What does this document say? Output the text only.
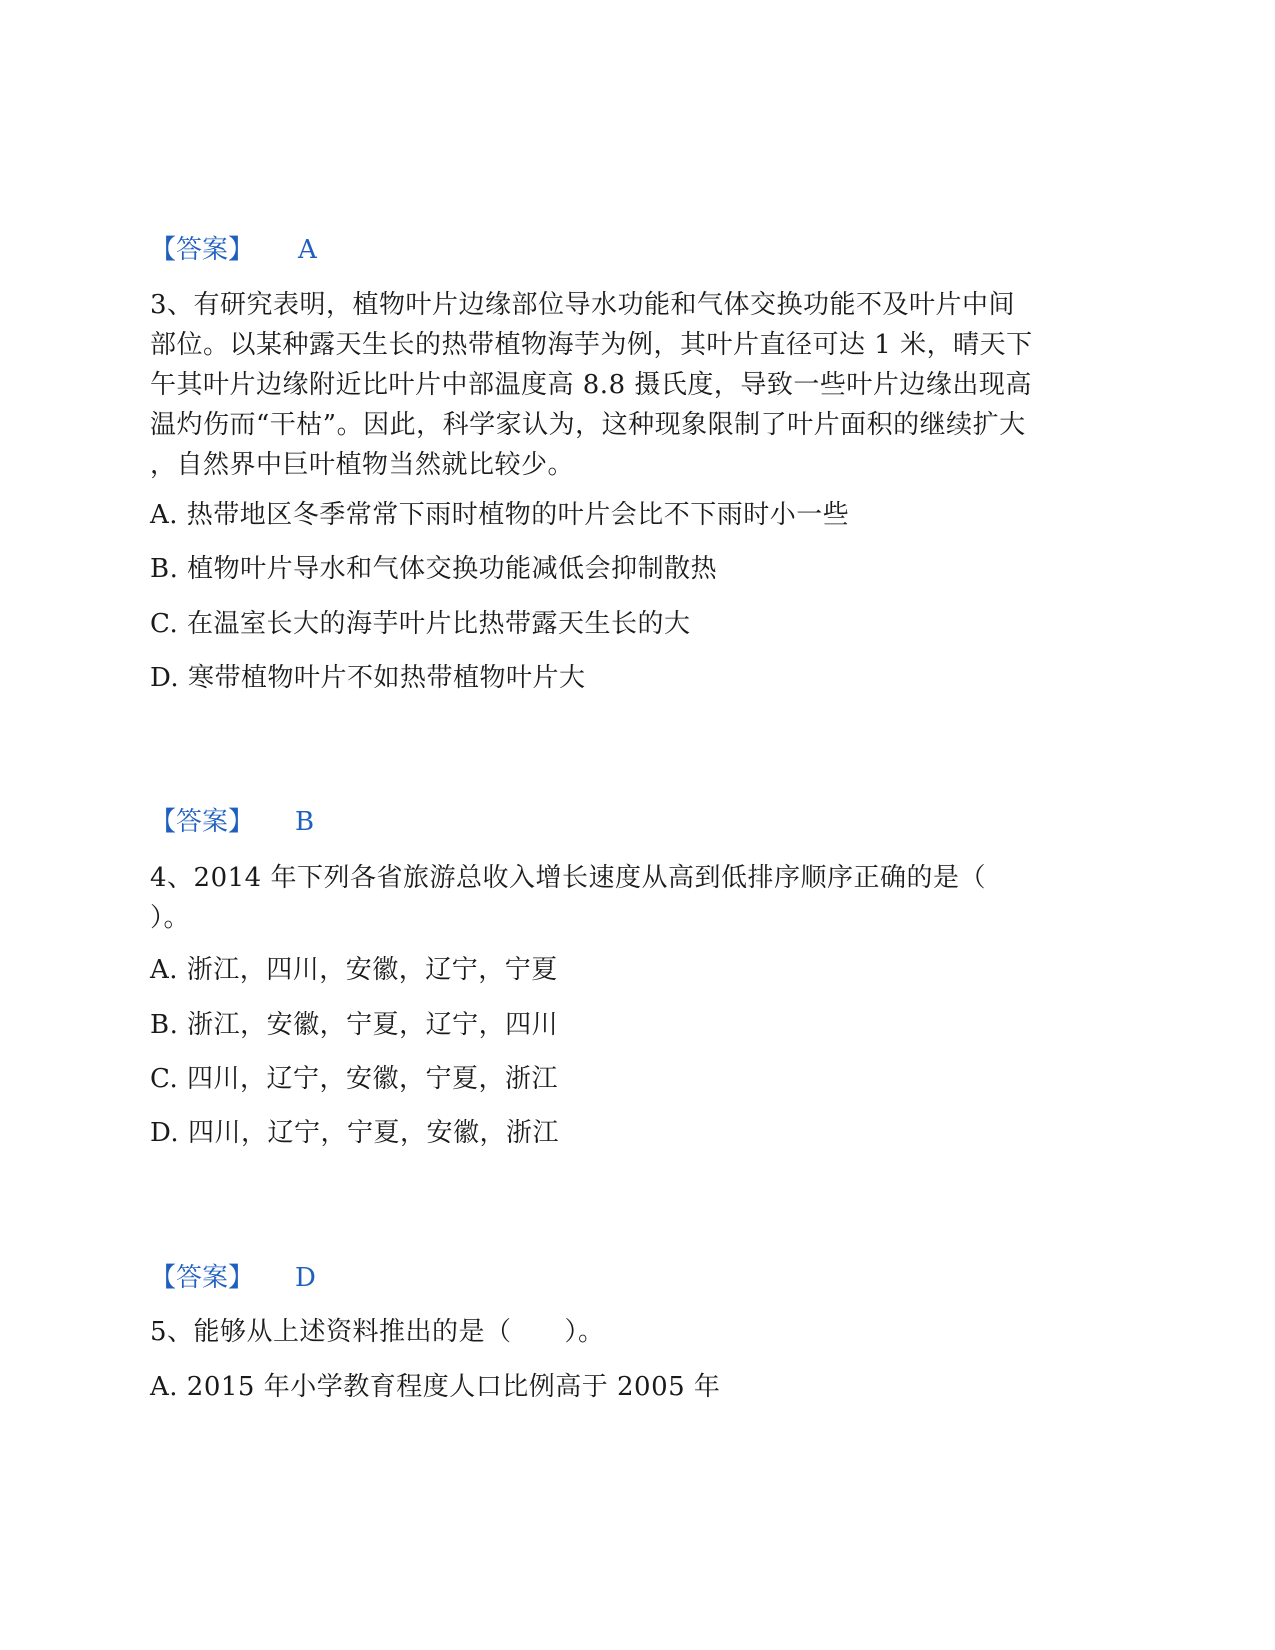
【答案】 A
3、有研究表明，植物叶片边缘部位导水功能和气体交换功能不及叶片中间
部位。以某种露天生长的热带植物海芋为例，其叶片直径可达 1 米，晴天下
午其叶片边缘附近比叶片中部温度高 8.8 摄氏度，导致一些叶片边缘出现高
温灼伤而“干枯”。因此，科学家认为，这种现象限制了叶片面积的继续扩大
，自然界中巨叶植物当然就比较少。
A. 热带地区冬季常常下雨时植物的叶片会比不下雨时小一些
B. 植物叶片导水和气体交换功能减低会抑制散热
C. 在温室长大的海芋叶片比热带露天生长的大
D. 寒带植物叶片不如热带植物叶片大
【答案】 B
4、2014 年下列各省旅游总收入增长速度从高到低排序顺序正确的是（
）。
A. 浙江，四川，安徽，辽宁，宁夏
B. 浙江，安徽，宁夏，辽宁，四川
C. 四川，辽宁，安徽，宁夏，浙江
D. 四川，辽宁，宁夏，安徽，浙江
【答案】 D
5、能够从上述资料推出的是（　　）。
A. 2015 年小学教育程度人口比例高于 2005 年
